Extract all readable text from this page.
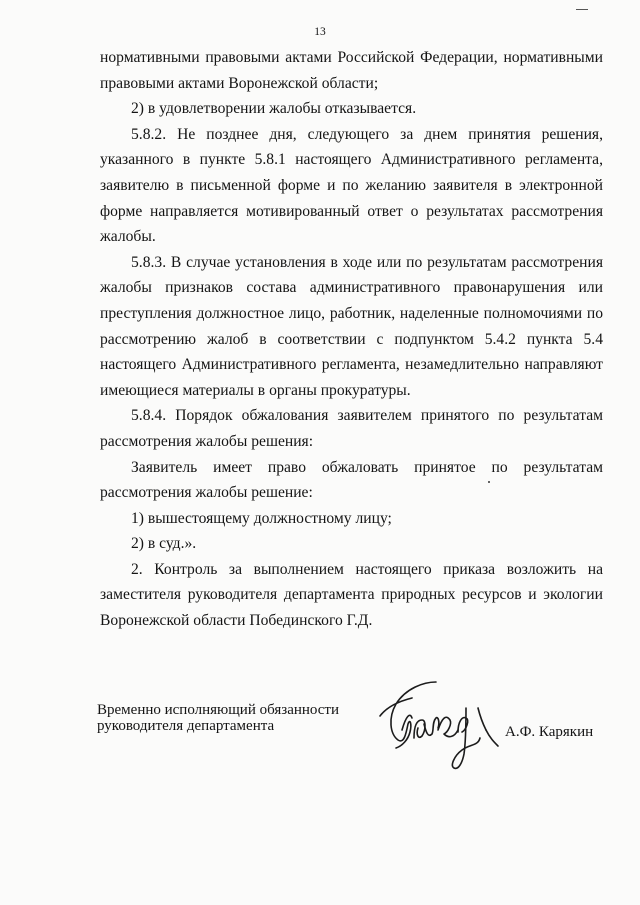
13

нормативными правовыми актами Российской Федерации, нормативными правовыми актами Воронежской области;

2) в удовлетворении жалобы отказывается.

5.8.2. Не позднее дня, следующего за днем принятия решения, указанного в пункте 5.8.1 настоящего Административного регламента, заявителю в письменной форме и по желанию заявителя в электронной форме направляется мотивированный ответ о результатах рассмотрения жалобы.

5.8.3. В случае установления в ходе или по результатам рассмотрения жалобы признаков состава административного правонарушения или преступления должностное лицо, работник, наделенные полномочиями по рассмотрению жалоб в соответствии с подпунктом 5.4.2 пункта 5.4 настоящего Административного регламента, незамедлительно направляют имеющиеся материалы в органы прокуратуры.

5.8.4. Порядок обжалования заявителем принятого по результатам рассмотрения жалобы решения:

Заявитель имеет право обжаловать принятое по результатам рассмотрения жалобы решение:

1) вышестоящему должностному лицу;

2) в суд.».

2. Контроль за выполнением настоящего приказа возложить на заместителя руководителя департамента природных ресурсов и экологии Воронежской области Побединского Г.Д.

Временно исполняющий обязанности
руководителя департамента	А.Ф. Карякин
